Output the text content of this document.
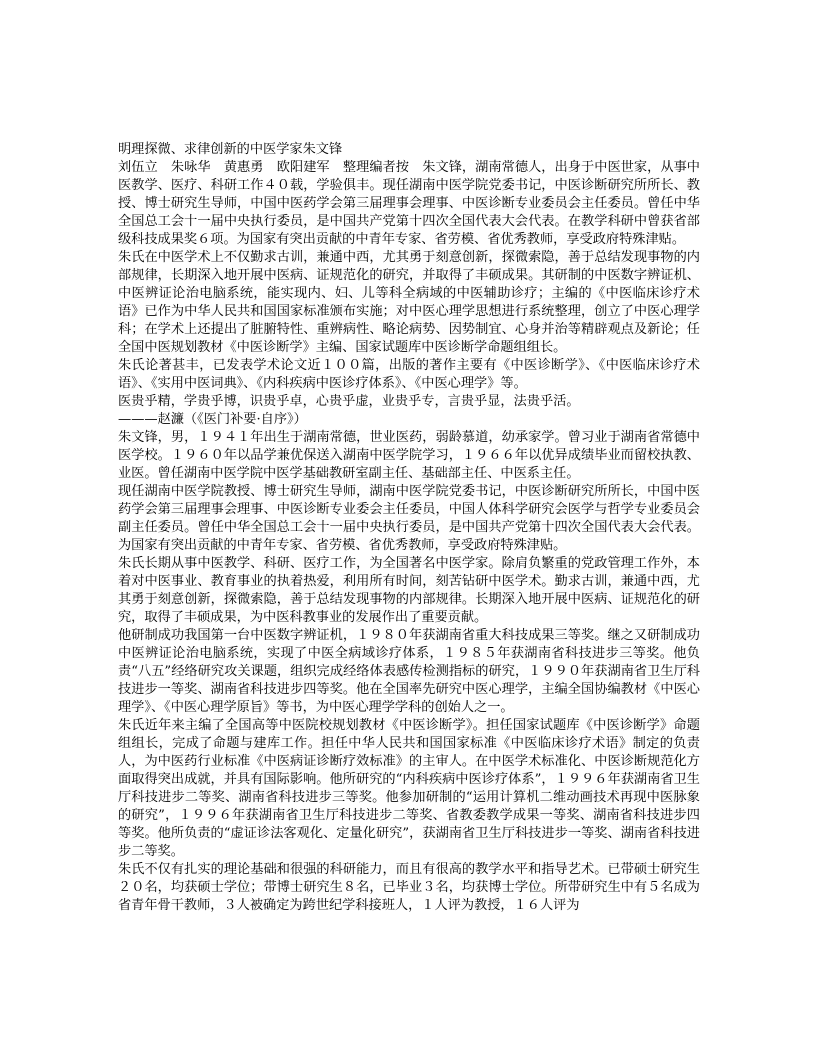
明理探微、求律创新的中医学家朱文锋

刘伍立　朱咏华　黄惠勇　欧阳建军　整理编者按　朱文锋，湖南常德人，出身于中医世家，从事中医教学、医疗、科研工作４０载，学验俱丰。现任湖南中医学院党委书记，中医诊断研究所所长、教授、博士研究生导师，中国中医药学会第三届理事会理事、中医诊断专业委员会主任委员。曾任中华全国总工会十一届中央执行委员，是中国共产党第十四次全国代表大会代表。在教学科研中曾获省部级科技成果奖６项。为国家有突出贡献的中青年专家、省劳模、省优秀教师，享受政府特殊津贴。

朱氏在中医学术上不仅勤求古训，兼通中西，尤其勇于刻意创新，探微索隐，善于总结发现事物的内部规律，长期深入地开展中医病、证规范化的研究，并取得了丰硕成果。其研制的中医数字辨证机、中医辨证论治电脑系统，能实现内、妇、儿等科全病域的中医辅助诊疗；主编的《中医临床诊疗术语》已作为中华人民共和国国家标准颁布实施；对中医心理学思想进行系统整理，创立了中医心理学科；在学术上还提出了脏腑特性、重辨病性、略论病势、因势制宜、心身并治等精辟观点及新论；任全国中医规划教材《中医诊断学》主编、国家试题库中医诊断学命题组组长。

朱氏论著甚丰，已发表学术论文近１００篇，出版的著作主要有《中医诊断学》、《中医临床诊疗术语》、《实用中医词典》、《内科疾病中医诊疗体系》、《中医心理学》等。

医贵乎精，学贵乎博，识贵乎卓，心贵乎虚，业贵乎专，言贵乎显，法贵乎活。

———赵濂（《医门补要·自序》）

朱文锋，男，１９４１年出生于湖南常德，世业医药，弱龄慕道，幼承家学。曾习业于湖南省常德中医学校。１９６０年以品学兼优保送入湖南中医学院学习，１９６６年以优异成绩毕业而留校执教、业医。曾任湖南中医学院中医学基础教研室副主任、基础部主任、中医系主任。

现任湖南中医学院教授、博士研究生导师，湖南中医学院党委书记，中医诊断研究所所长，中国中医药学会第三届理事会理事、中医诊断专业委会主任委员，中国人体科学研究会医学与哲学专业委员会副主任委员。曾任中华全国总工会十一届中央执行委员，是中国共产党第十四次全国代表大会代表。为国家有突出贡献的中青年专家、省劳模、省优秀教师，享受政府特殊津贴。

朱氏长期从事中医教学、科研、医疗工作，为全国著名中医学家。除肩负繁重的党政管理工作外，本着对中医事业、教育事业的执着热爱，利用所有时间，刻苦钻研中医学术。勤求古训，兼通中西，尤其勇于刻意创新，探微索隐，善于总结发现事物的内部规律。长期深入地开展中医病、证规范化的研究，取得了丰硕成果，为中医科教事业的发展作出了重要贡献。

他研制成功我国第一台中医数字辨证机，１９８０年获湖南省重大科技成果三等奖。继之又研制成功中医辨证论治电脑系统，实现了中医全病域诊疗体系，１９８５年获湖南省科技进步三等奖。他负责“八五”经络研究攻关课题，组织完成经络体表感传检测指标的研究，１９９０年获湖南省卫生厅科技进步一等奖、湖南省科技进步四等奖。他在全国率先研究中医心理学，主编全国协编教材《中医心理学》、《中医心理学原旨》等书，为中医心理学学科的创始人之一。

朱氏近年来主编了全国高等中医院校规划教材《中医诊断学》。担任国家试题库《中医诊断学》命题组组长，完成了命题与建库工作。担任中华人民共和国国家标准《中医临床诊疗术语》制定的负责人，为中医药行业标准《中医病证诊断疗效标准》的主审人。在中医学术标准化、中医诊断规范化方面取得突出成就，并具有国际影响。他所研究的“内科疾病中医诊疗体系”，１９９６年获湖南省卫生厅科技进步二等奖、湖南省科技进步三等奖。他参加研制的“运用计算机二维动画技术再现中医脉象的研究”，１９９６年获湖南省卫生厅科技进步二等奖、省教委教学成果一等奖、湖南省科技进步四等奖。他所负责的“虚证诊法客观化、定量化研究”，获湖南省卫生厅科技进步一等奖、湖南省科技进步二等奖。

朱氏不仅有扎实的理论基础和很强的科研能力，而且有很高的教学水平和指导艺术。已带硕士研究生２０名，均获硕士学位；带博士研究生８名，已毕业３名，均获博士学位。所带研究生中有５名成为省青年骨干教师，３人被确定为跨世纪学科接班人，１人评为教授，１６人评为
